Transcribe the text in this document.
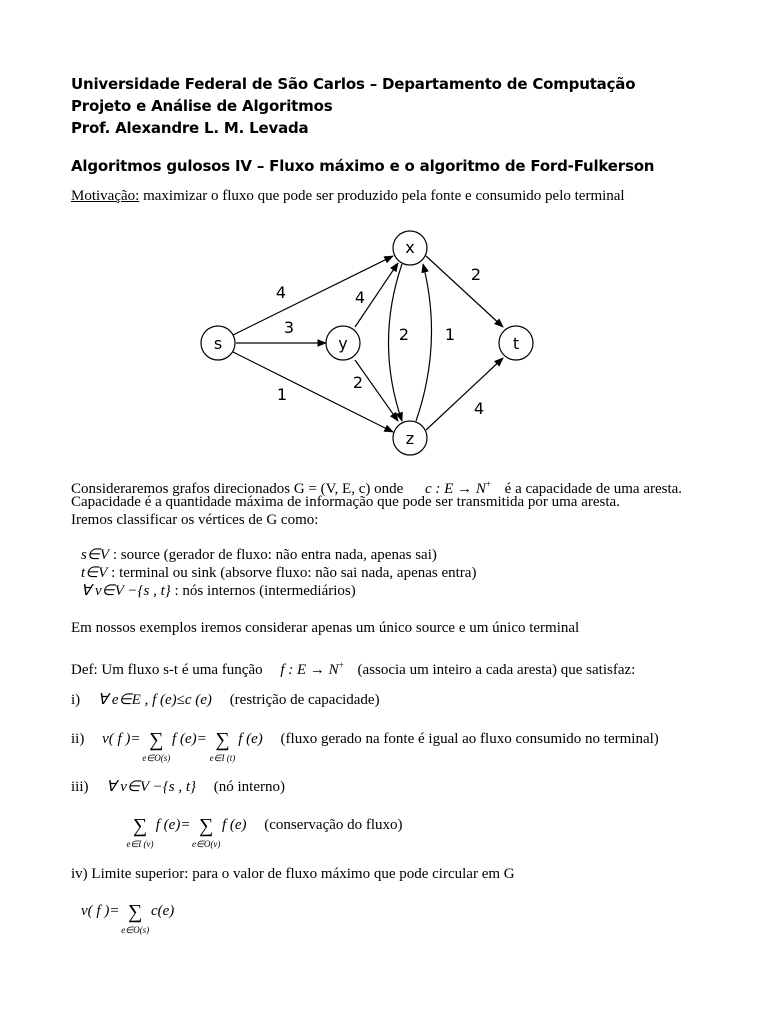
Universidade Federal de São Carlos – Departamento de Computação
Projeto e Análise de Algoritmos
Prof. Alexandre L. M. Levada
Algoritmos gulosos IV – Fluxo máximo e o algoritmo de Ford-Fulkerson
Motivação: maximizar o fluxo que pode ser produzido pela fonte e consumido pelo terminal
s
x
y
z
t
4
3
1
4
2
2 1
2
4
Consideraremos grafos direcionados G = (V, E, c) onde c : E → N+ é a capacidade de uma aresta.
Capacidade é a quantidade máxima de informação que pode ser transmitida por uma aresta.
Iremos classificar os vértices de G como:
s∈V : source (gerador de fluxo: não entra nada, apenas sai)
t∈V : terminal ou sink (absorve fluxo: não sai nada, apenas entra)
∀ v∈V −{s , t} : nós internos (intermediários)
Em nossos exemplos iremos considerar apenas um único source e um único terminal
Def: Um fluxo s-t é uma função f : E → N+ (associa um inteiro a cada aresta) que satisfaz:
i) ∀ e∈E , f (e)≤c (e) (restrição de capacidade)
ii) v( f )= ∑
e∈O(s)
f (e)= ∑
e∈I (t)
f (e) (fluxo gerado na fonte é igual ao fluxo consumido no terminal)
iii) ∀ v∈V −{s , t} (nó interno)
∑
e∈I (v)
f (e)= ∑
e∈O(v)
f (e) (conservação do fluxo)
iv) Limite superior: para o valor de fluxo máximo que pode circular em G
v( f )= ∑
e∈O(s)
c(e)
